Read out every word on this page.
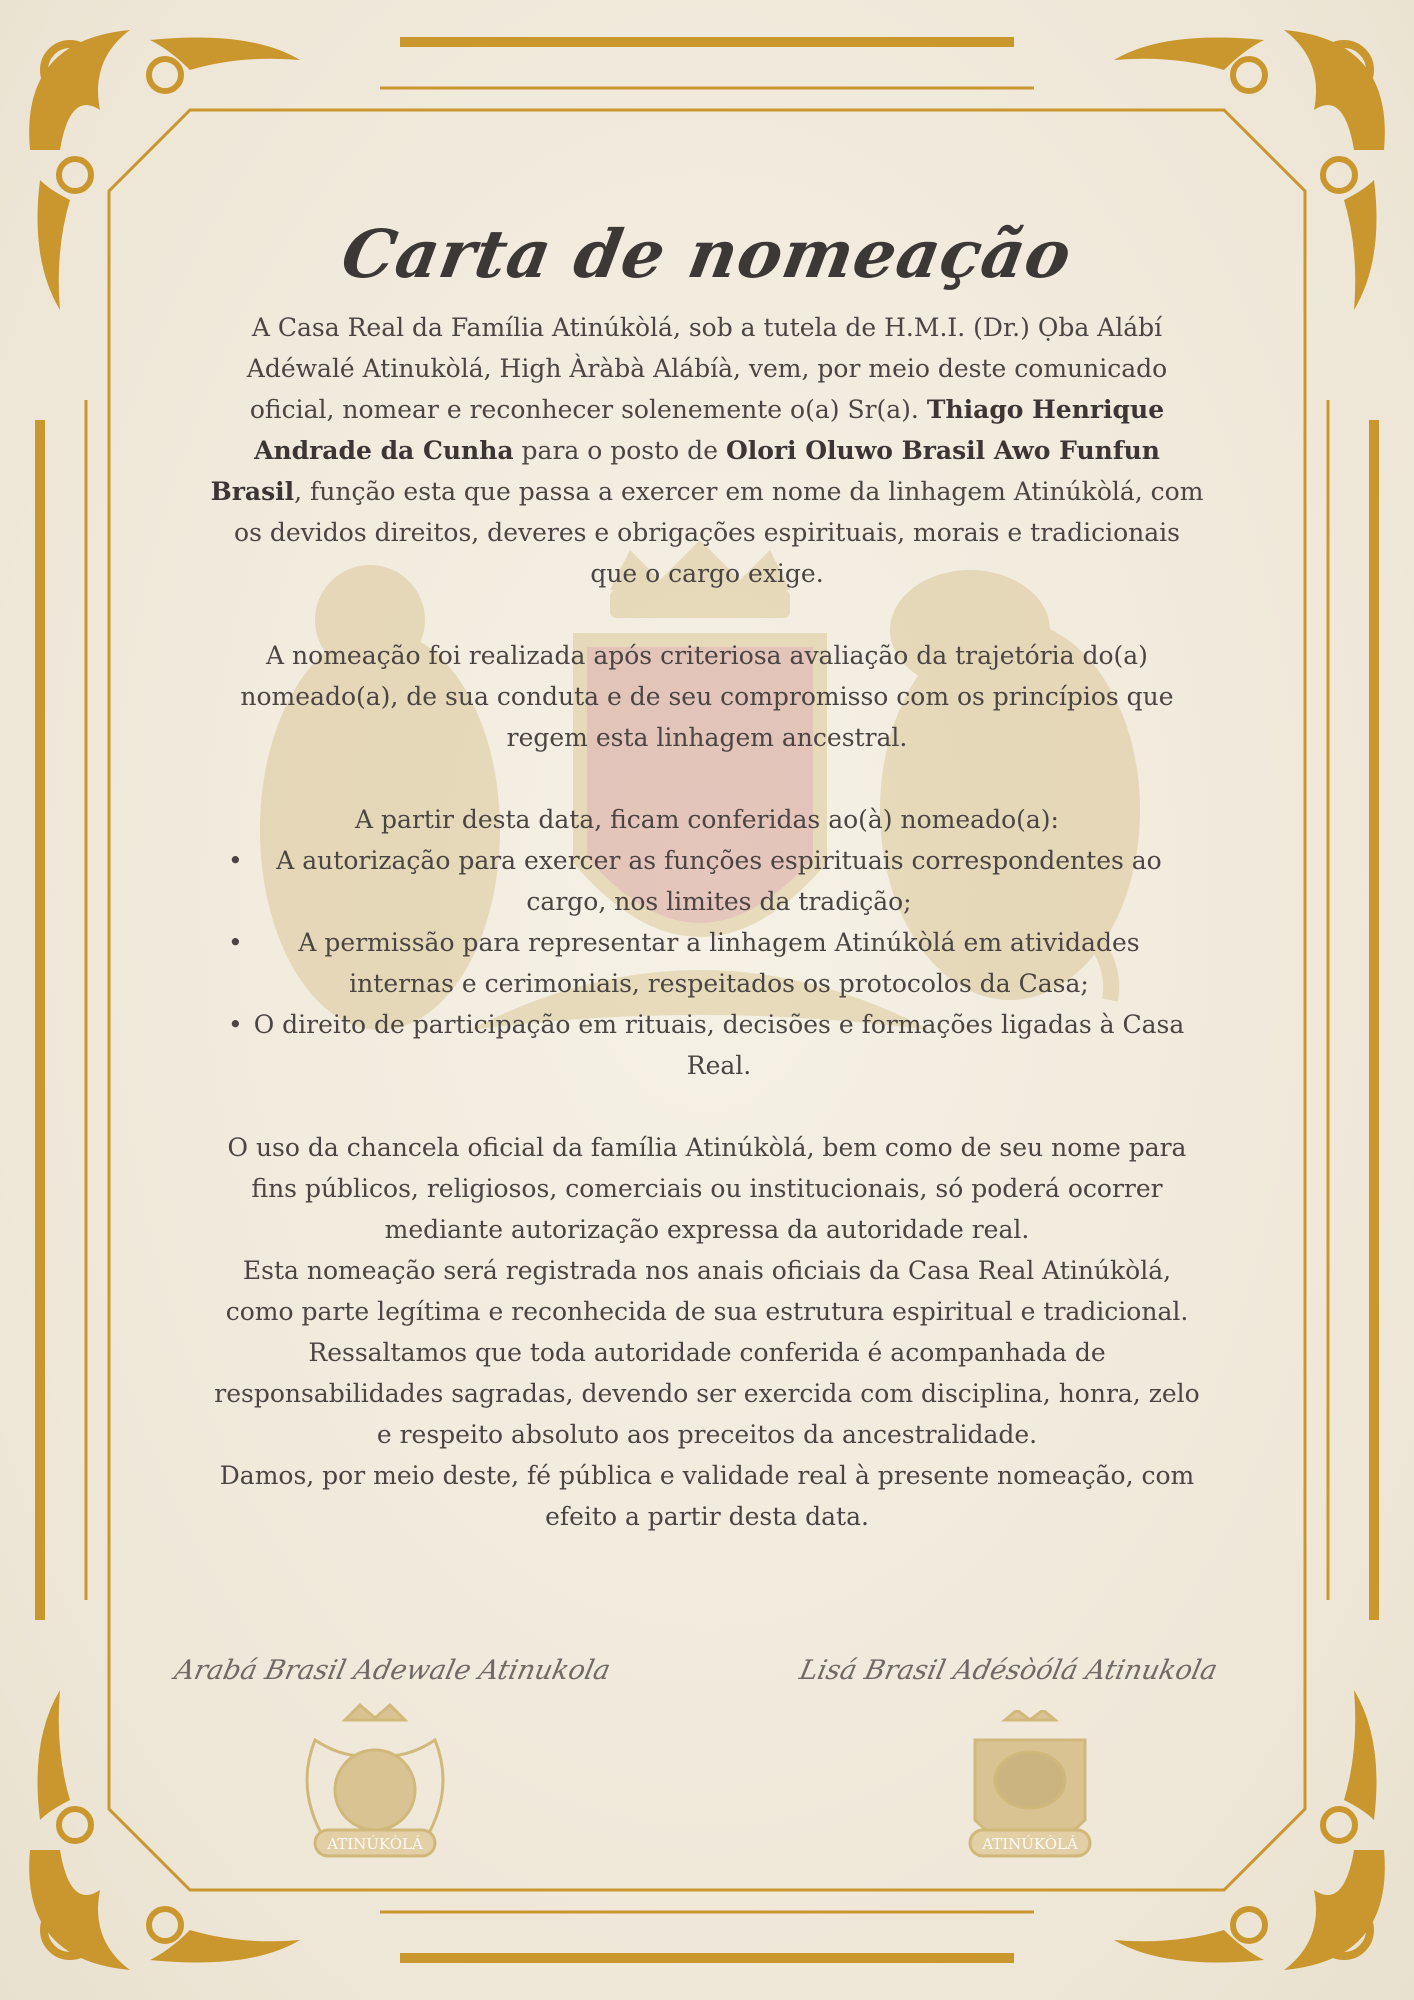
Carta de nomeação

A Casa Real da Família Atinúkòlá, sob a tutela de H.M.I. (Dr.) Ọba Alábí Adéwalé Atinukòlá, High Àràbà Alábíà, vem, por meio deste comunicado oficial, nomear e reconhecer solenemente o(a) Sr(a). Thiago Henrique Andrade da Cunha para o posto de Olori Oluwo Brasil Awo Funfun Brasil, função esta que passa a exercer em nome da linhagem Atinúkòlá, com os devidos direitos, deveres e obrigações espirituais, morais e tradicionais que o cargo exige.

A nomeação foi realizada após criteriosa avaliação da trajetória do(a) nomeado(a), de sua conduta e de seu compromisso com os princípios que regem esta linhagem ancestral.

A partir desta data, ficam conferidas ao(à) nomeado(a):

• A autorização para exercer as funções espirituais correspondentes ao cargo, nos limites da tradição;
• A permissão para representar a linhagem Atinúkòlá em atividades internas e cerimoniais, respeitados os protocolos da Casa;
• O direito de participação em rituais, decisões e formações ligadas à Casa Real.

O uso da chancela oficial da família Atinúkòlá, bem como de seu nome para fins públicos, religiosos, comerciais ou institucionais, só poderá ocorrer mediante autorização expressa da autoridade real.

Esta nomeação será registrada nos anais oficiais da Casa Real Atinúkòlá, como parte legítima e reconhecida de sua estrutura espiritual e tradicional.

Ressaltamos que toda autoridade conferida é acompanhada de responsabilidades sagradas, devendo ser exercida com disciplina, honra, zelo e respeito absoluto aos preceitos da ancestralidade.

Damos, por meio deste, fé pública e validade real à presente nomeação, com efeito a partir desta data.

Arabá Brasil Adewale Atinukola	Lisá Brasil Adésòólá Atinukola
ATINÚKÒLÁ	ATINÚKÒLÁ
